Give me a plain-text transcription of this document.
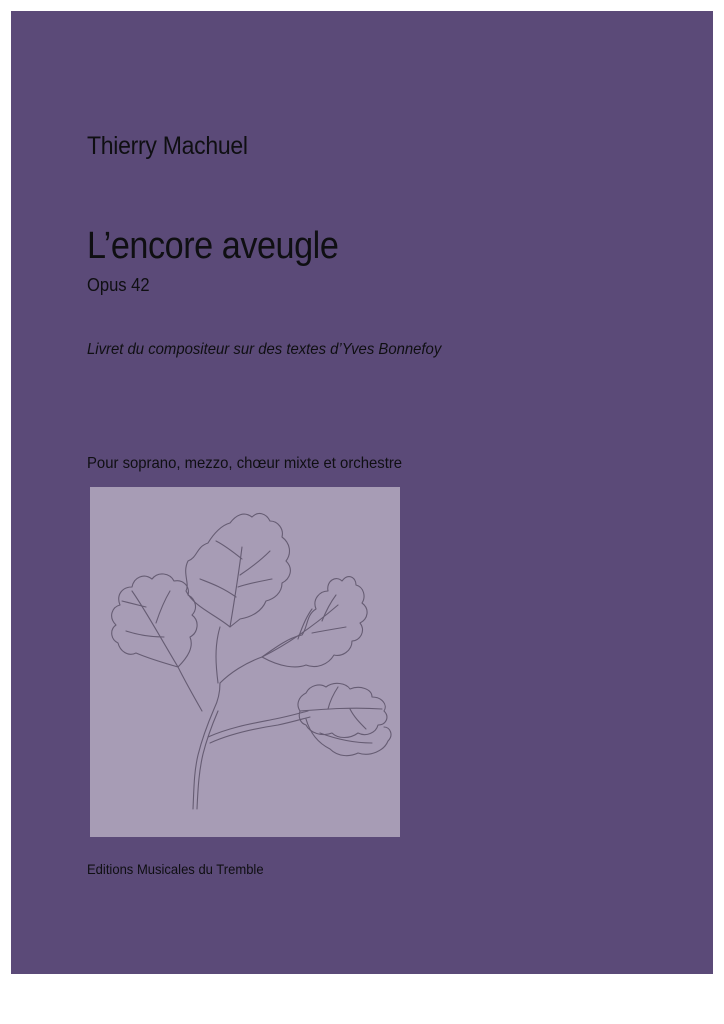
Thierry Machuel
L’encore aveugle
Opus 42
Livret du compositeur sur des textes d’Yves Bonnefoy
Pour soprano, mezzo, chœur mixte et orchestre
Editions Musicales du Tremble
